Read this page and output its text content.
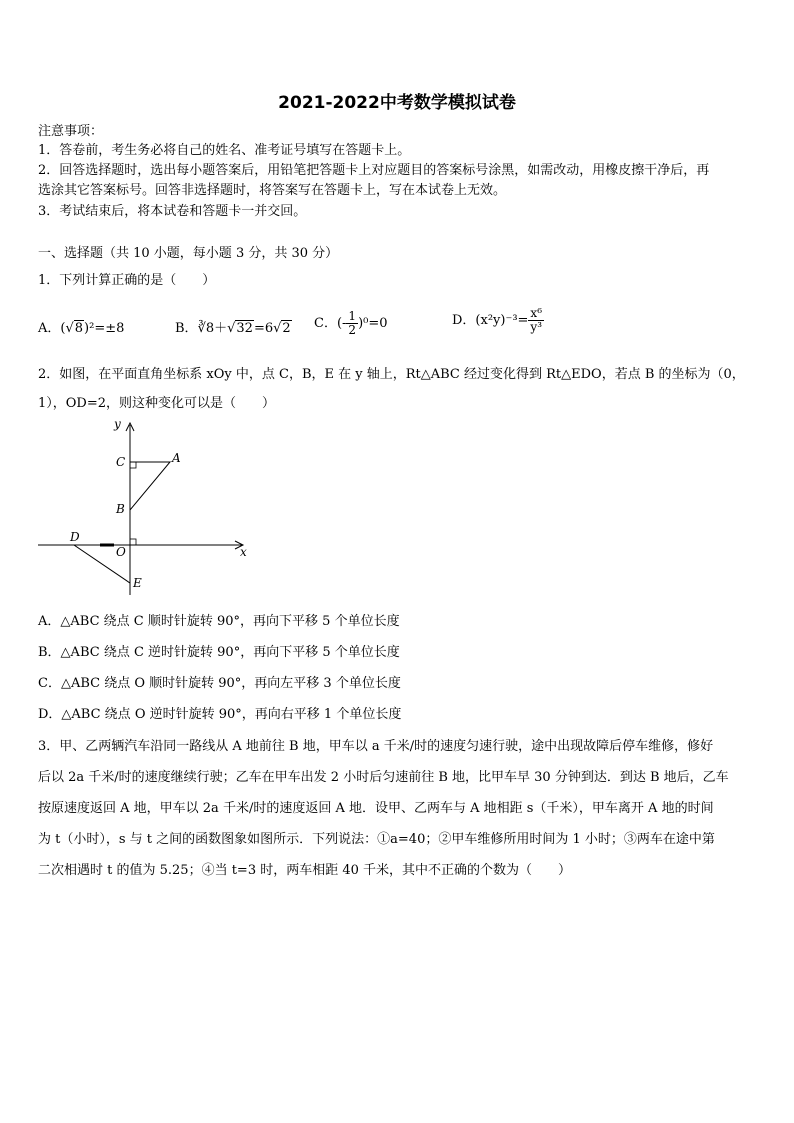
2021-2022中考数学模拟试卷
注意事项：
1．答卷前，考生务必将自己的姓名、准考证号填写在答题卡上。
2．回答选择题时，选出每小题答案后，用铅笔把答题卡上对应题目的答案标号涂黑，如需改动，用橡皮擦干净后，再
选涂其它答案标号。回答非选择题时，将答案写在答题卡上，写在本试卷上无效。
3．考试结束后，将本试卷和答题卡一并交回。
一、选择题（共 10 小题，每小题 3 分，共 30 分）
1．下列计算正确的是（　　）
A．(√8)²=±8	B．∛8＋√32=6√2 C．(- $\frac{1}{2} )^0=0$	D．$(x^2y)^{-3}= \frac{\text{x⁶}}{\text{y³}}$
2．如图，在平面直角坐标系 xOy 中，点 C，B，E 在 y 轴上，Rt△ABC 经过变化得到 Rt△EDO，若点 B 的坐标为（0，
1），OD=2，则这种变化可以是（　　）
y
x
A
C
B
D
O
E
A．△ABC 绕点 C 顺时针旋转 90°，再向下平移 5 个单位长度
B．△ABC 绕点 C 逆时针旋转 90°，再向下平移 5 个单位长度
C．△ABC 绕点 O 顺时针旋转 90°，再向左平移 3 个单位长度
D．△ABC 绕点 O 逆时针旋转 90°，再向右平移 1 个单位长度
3．甲、乙两辆汽车沿同一路线从 A 地前往 B 地，甲车以 a 千米/时的速度匀速行驶，途中出现故障后停车维修，修好
后以 2a 千米/时的速度继续行驶；乙车在甲车出发 2 小时后匀速前往 B 地，比甲车早 30 分钟到达．到达 B 地后，乙车
按原速度返回 A 地，甲车以 2a 千米/时的速度返回 A 地．设甲、乙两车与 A 地相距 s（千米），甲车离开 A 地的时间
为 t（小时），s 与 t 之间的函数图象如图所示．下列说法：①a=40；②甲车维修所用时间为 1 小时；③两车在途中第
二次相遇时 t 的值为 5.25；④当 t=3 时，两车相距 40 千米，其中不正确的个数为（　　）
